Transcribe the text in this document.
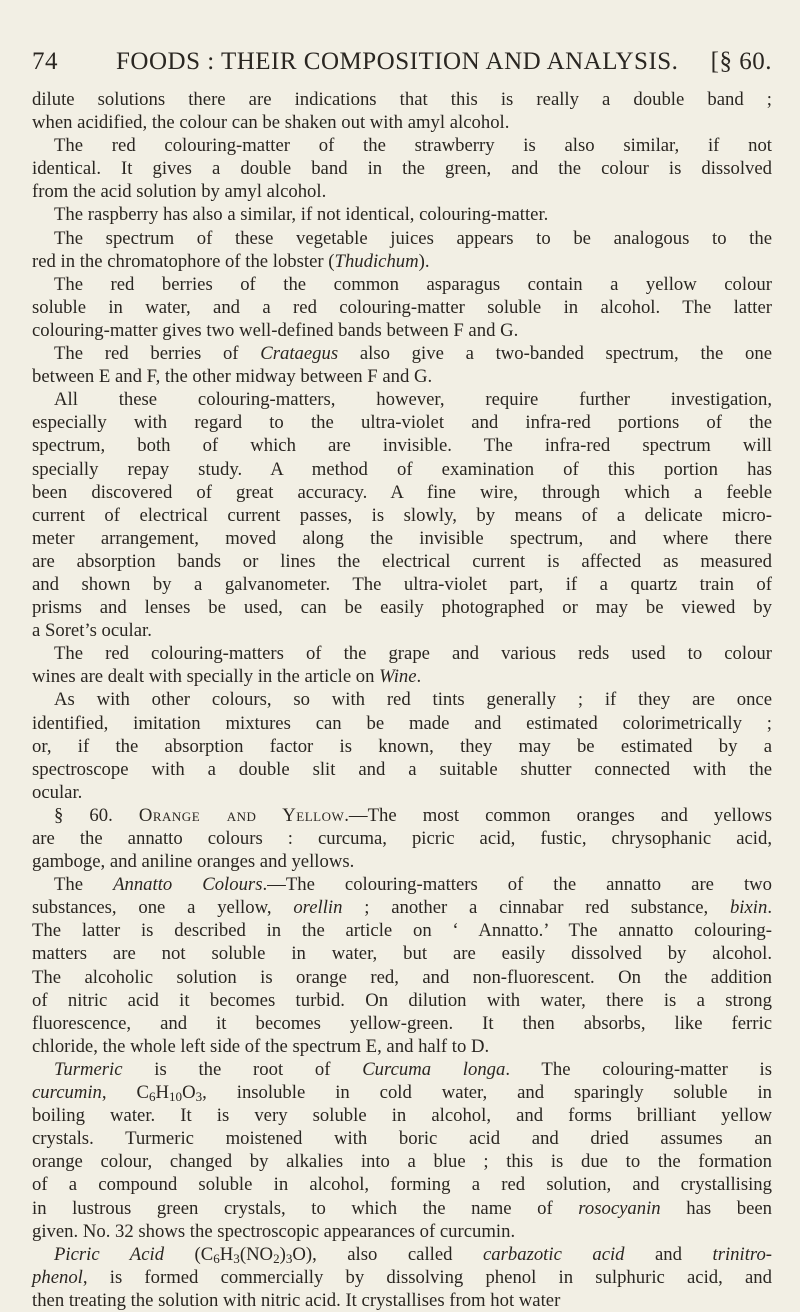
74 FOODS : THEIR COMPOSITION AND ANALYSIS. [§ 60.
dilute solutions there are indications that this is really a double band ;
when acidified, the colour can be shaken out with amyl alcohol.
The red colouring-matter of the strawberry is also similar, if not
identical. It gives a double band in the green, and the colour is dissolved
from the acid solution by amyl alcohol.
The raspberry has also a similar, if not identical, colouring-matter.
The spectrum of these vegetable juices appears to be analogous to the
red in the chromatophore of the lobster (Thudichum).
The red berries of the common asparagus contain a yellow colour
soluble in water, and a red colouring-matter soluble in alcohol. The latter
colouring-matter gives two well-defined bands between F and G.
The red berries of Crataegus also give a two-banded spectrum, the one
between E and F, the other midway between F and G.
All these colouring-matters, however, require further investigation,
especially with regard to the ultra-violet and infra-red portions of the
spectrum, both of which are invisible. The infra-red spectrum will
specially repay study. A method of examination of this portion has
been discovered of great accuracy. A fine wire, through which a feeble
current of electrical current passes, is slowly, by means of a delicate micro-
meter arrangement, moved along the invisible spectrum, and where there
are absorption bands or lines the electrical current is affected as measured
and shown by a galvanometer. The ultra-violet part, if a quartz train of
prisms and lenses be used, can be easily photographed or may be viewed by
a Soret’s ocular.
The red colouring-matters of the grape and various reds used to colour
wines are dealt with specially in the article on Wine.
As with other colours, so with red tints generally ; if they are once
identified, imitation mixtures can be made and estimated colorimetrically ;
or, if the absorption factor is known, they may be estimated by a
spectroscope with a double slit and a suitable shutter connected with the
ocular.
§ 60. Orange and Yellow.—The most common oranges and yellows
are the annatto colours : curcuma, picric acid, fustic, chrysophanic acid,
gamboge, and aniline oranges and yellows.
The Annatto Colours.—The colouring-matters of the annatto are two
substances, one a yellow, orellin ; another a cinnabar red substance, bixin.
The latter is described in the article on ‘ Annatto.’ The annatto colouring-
matters are not soluble in water, but are easily dissolved by alcohol.
The alcoholic solution is orange red, and non-fluorescent. On the addition
of nitric acid it becomes turbid. On dilution with water, there is a strong
fluorescence, and it becomes yellow-green. It then absorbs, like ferric
chloride, the whole left side of the spectrum E, and half to D.
Turmeric is the root of Curcuma longa. The colouring-matter is
curcumin, $C_6H_{10}O_3$, insoluble in cold water, and sparingly soluble in
boiling water. It is very soluble in alcohol, and forms brilliant yellow
crystals. Turmeric moistened with boric acid and dried assumes an
orange colour, changed by alkalies into a blue ; this is due to the formation
of a compound soluble in alcohol, forming a red solution, and crystallising
in lustrous green crystals, to which the name of rosocyanin has been
given. No. 32 shows the spectroscopic appearances of curcumin.
Picric Acid $(C_6H_3(NO_2)_3O)$, also called carbazotic acid and trinitro-
phenol, is formed commercially by dissolving phenol in sulphuric acid, and
then treating the solution with nitric acid. It crystallises from hot water
